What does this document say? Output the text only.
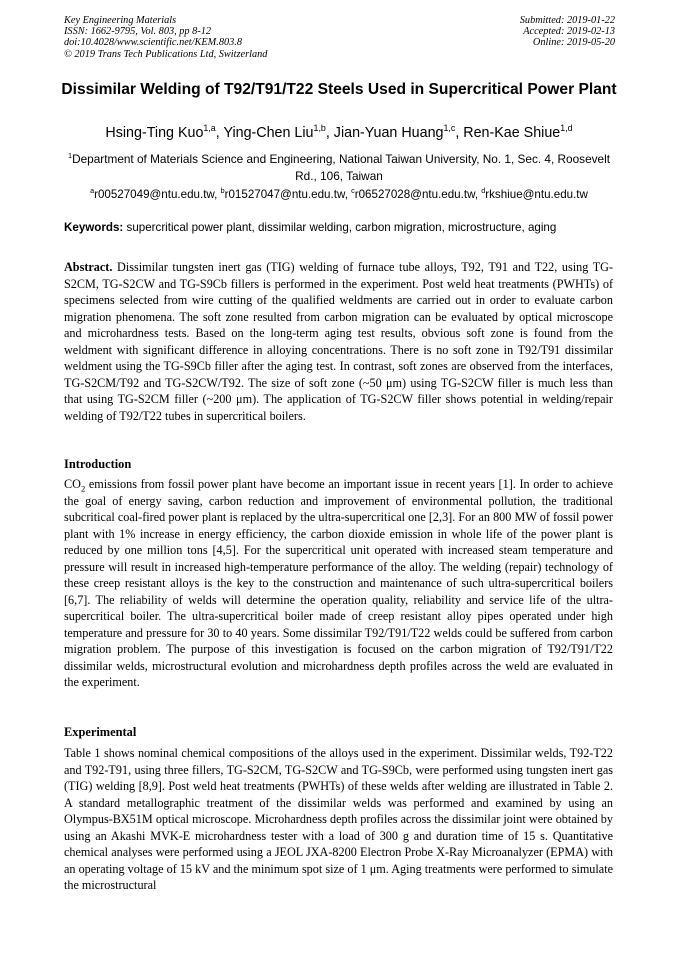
Key Engineering Materials
ISSN: 1662-9795, Vol. 803, pp 8-12
doi:10.4028/www.scientific.net/KEM.803.8
© 2019 Trans Tech Publications Ltd, Switzerland
Submitted: 2019-01-22
Accepted: 2019-02-13
Online: 2019-05-20
Dissimilar Welding of T92/T91/T22 Steels Used in Supercritical Power Plant
Hsing-Ting Kuo$^{1,a}$, Ying-Chen Liu$^{1,b}$, Jian-Yuan Huang$^{1,c}$, Ren-Kae Shiue$^{1,d}$
$^1$Department of Materials Science and Engineering, National Taiwan University, No. 1, Sec. 4, Roosevelt Rd., 106, Taiwan
$^a$r00527049@ntu.edu.tw, $^b$r01527047@ntu.edu.tw, $^c$r06527028@ntu.edu.tw, $^d$rkshiue@ntu.edu.tw
Keywords: supercritical power plant, dissimilar welding, carbon migration, microstructure, aging
Abstract. Dissimilar tungsten inert gas (TIG) welding of furnace tube alloys, T92, T91 and T22, using TG-S2CM, TG-S2CW and TG-S9Cb fillers is performed in the experiment. Post weld heat treatments (PWHTs) of specimens selected from wire cutting of the qualified weldments are carried out in order to evaluate carbon migration phenomena. The soft zone resulted from carbon migration can be evaluated by optical microscope and microhardness tests. Based on the long-term aging test results, obvious soft zone is found from the weldment with significant difference in alloying concentrations. There is no soft zone in T92/T91 dissimilar weldment using the TG-S9Cb filler after the aging test. In contrast, soft zones are observed from the interfaces, TG-S2CM/T92 and TG-S2CW/T92. The size of soft zone (~50 μm) using TG-S2CW filler is much less than that using TG-S2CM filler (~200 μm). The application of TG-S2CW filler shows potential in welding/repair welding of T92/T22 tubes in supercritical boilers.
Introduction
$CO_2$ emissions from fossil power plant have become an important issue in recent years [1]. In order to achieve the goal of energy saving, carbon reduction and improvement of environmental pollution, the traditional subcritical coal-fired power plant is replaced by the ultra-supercritical one [2,3]. For an 800 MW of fossil power plant with 1% increase in energy efficiency, the carbon dioxide emission in whole life of the power plant is reduced by one million tons [4,5]. For the supercritical unit operated with increased steam temperature and pressure will result in increased high-temperature performance of the alloy. The welding (repair) technology of these creep resistant alloys is the key to the construction and maintenance of such ultra-supercritical boilers [6,7]. The reliability of welds will determine the operation quality, reliability and service life of the ultra-supercritical boiler. The ultra-supercritical boiler made of creep resistant alloy pipes operated under high temperature and pressure for 30 to 40 years. Some dissimilar T92/T91/T22 welds could be suffered from carbon migration problem. The purpose of this investigation is focused on the carbon migration of T92/T91/T22 dissimilar welds, microstructural evolution and microhardness depth profiles across the weld are evaluated in the experiment.
Experimental
Table 1 shows nominal chemical compositions of the alloys used in the experiment. Dissimilar welds, T92-T22 and T92-T91, using three fillers, TG-S2CM, TG-S2CW and TG-S9Cb, were performed using tungsten inert gas (TIG) welding [8,9]. Post weld heat treatments (PWHTs) of these welds after welding are illustrated in Table 2. A standard metallographic treatment of the dissimilar welds was performed and examined by using an Olympus-BX51M optical microscope. Microhardness depth profiles across the dissimilar joint were obtained by using an Akashi MVK-E microhardness tester with a load of 300 g and duration time of 15 s. Quantitative chemical analyses were performed using a JEOL JXA-8200 Electron Probe X-Ray Microanalyzer (EPMA) with an operating voltage of 15 kV and the minimum spot size of 1 μm. Aging treatments were performed to simulate the microstructural
